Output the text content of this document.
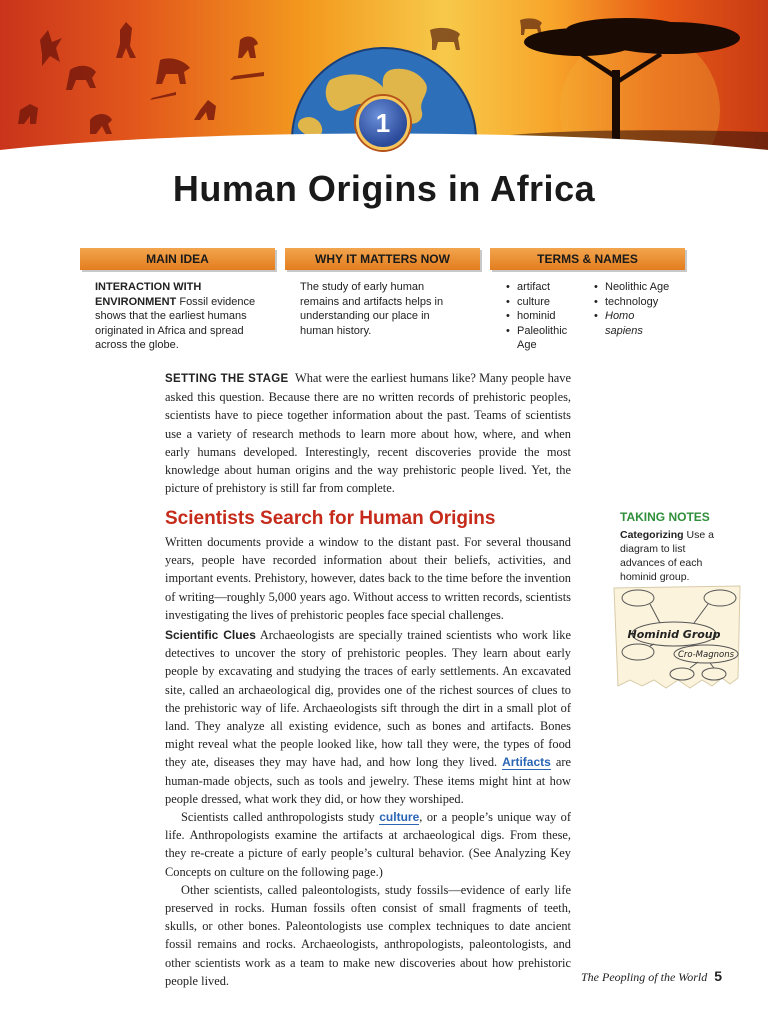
1
Human Origins in Africa
MAIN IDEA	WHY IT MATTERS NOW	TERMS & NAMES
INTERACTION WITH ENVIRONMENT Fossil evidence shows that the earliest humans originated in Africa and spread across the globe.
The study of early human remains and artifacts helps in understanding our place in human history.
• artifact
• culture
• hominid
• Paleolithic Age
• Neolithic Age
• technology
• Homo sapiens

SETTING THE STAGE What were the earliest humans like? Many people have asked this question. Because there are no written records of prehistoric peoples, scientists have to piece together information about the past. Teams of scientists use a variety of research methods to learn more about how, where, and when early humans developed. Interestingly, recent discoveries provide the most knowledge about human origins and the way prehistoric people lived. Yet, the picture of prehistory is still far from complete.

Scientists Search for Human Origins

Written documents provide a window to the distant past. For several thousand years, people have recorded information about their beliefs, activities, and important events. Prehistory, however, dates back to the time before the invention of writing—roughly 5,000 years ago. Without access to written records, scientists investigating the lives of prehistoric peoples face special challenges.

Scientific Clues Archaeologists are specially trained scientists who work like detectives to uncover the story of prehistoric peoples. They learn about early people by excavating and studying the traces of early settlements. An excavated site, called an archaeological dig, provides one of the richest sources of clues to the prehistoric way of life. Archaeologists sift through the dirt in a small plot of land. They analyze all existing evidence, such as bones and artifacts. Bones might reveal what the people looked like, how tall they were, the types of food they ate, diseases they may have had, and how long they lived. Artifacts are human-made objects, such as tools and jewelry. These items might hint at how people dressed, what work they did, or how they worshiped.

Scientists called anthropologists study culture, or a people’s unique way of life. Anthropologists examine the artifacts at archaeological digs. From these, they re-create a picture of early people’s cultural behavior. (See Analyzing Key Concepts on culture on the following page.)

Other scientists, called paleontologists, study fossils—evidence of early life preserved in rocks. Human fossils often consist of small fragments of teeth, skulls, or other bones. Paleontologists use complex techniques to date ancient fossil remains and rocks. Archaeologists, anthropologists, paleontologists, and other scientists work as a team to make new discoveries about how prehistoric people lived.

TAKING NOTES
Categorizing Use a diagram to list advances of each hominid group.
Hominid Group
Cro-Magnons
The Peopling of the World 5
